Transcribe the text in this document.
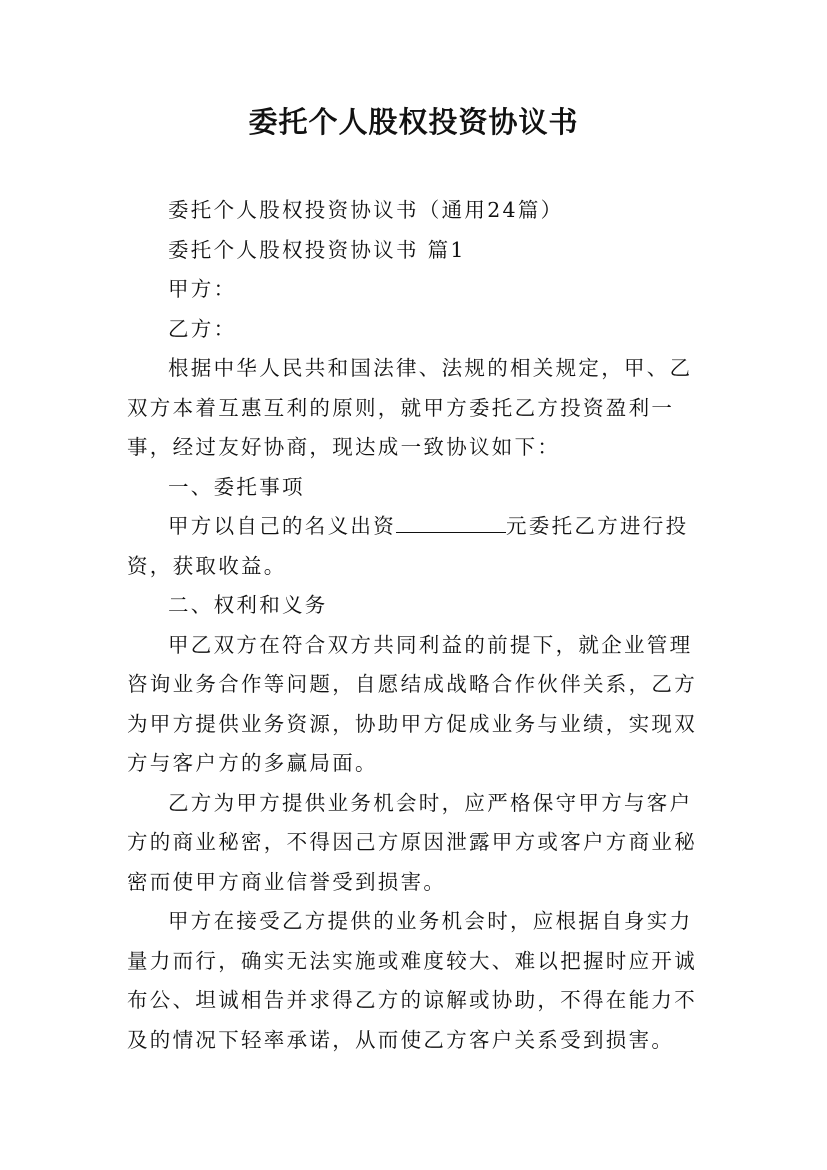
委托个人股权投资协议书

委托个人股权投资协议书（通用24篇）

委托个人股权投资协议书 篇1

甲方：

乙方：

根据中华人民共和国法律、法规的相关规定，甲、乙双方本着互惠互利的原则，就甲方委托乙方投资盈利一事，经过友好协商，现达成一致协议如下：

一、委托事项

甲方以自己的名义出资	元委托乙方进行投资，获取收益。

二、权利和义务

甲乙双方在符合双方共同利益的前提下，就企业管理咨询业务合作等问题，自愿结成战略合作伙伴关系，乙方为甲方提供业务资源，协助甲方促成业务与业绩，实现双方与客户方的多赢局面。

乙方为甲方提供业务机会时，应严格保守甲方与客户方的商业秘密，不得因己方原因泄露甲方或客户方商业秘密而使甲方商业信誉受到损害。

甲方在接受乙方提供的业务机会时，应根据自身实力量力而行，确实无法实施或难度较大、难以把握时应开诚布公、坦诚相告并求得乙方的谅解或协助，不得在能力不及的情况下轻率承诺，从而使乙方客户关系受到损害。
